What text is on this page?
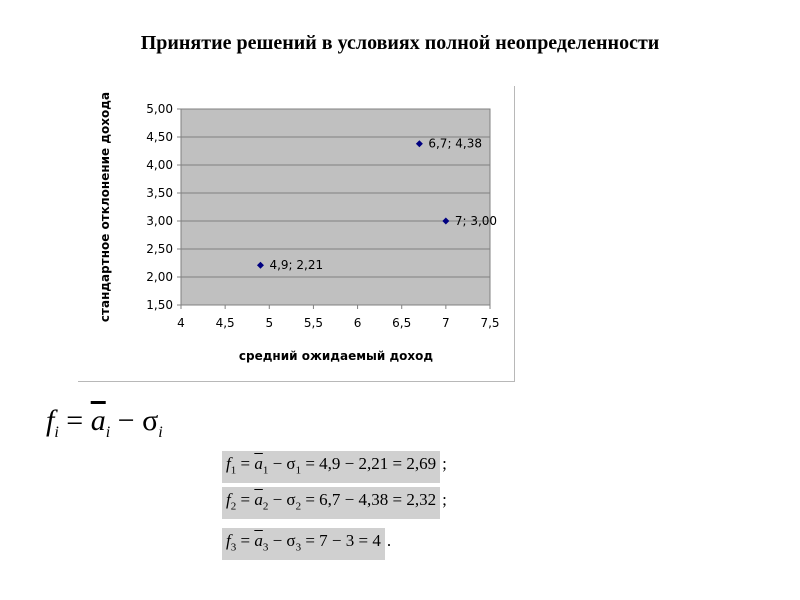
Принятие решений в условиях полной неопределенности
1,50
2,00
2,50
3,00
3,50
4,00
4,50
5,00
4	4,5	5	5,5	6	6,5	7	7,5
4,9; 2,21
6,7; 4,38
7; 3,00
средний ожидаемый доход
стандартное отклонение дохода
$f_i = \overline{a}_i - \sigma_i$
$f_1 = \overline{a}_1 - \sigma_1 = 4,9 - 2,21 = 2,69$ ;
$f_2 = \overline{a}_2 - \sigma_2 = 6,7 - 4,38 = 2,32$ ;
$f_3 = \overline{a}_3 - \sigma_3 = 7 - 3 = 4$ .
